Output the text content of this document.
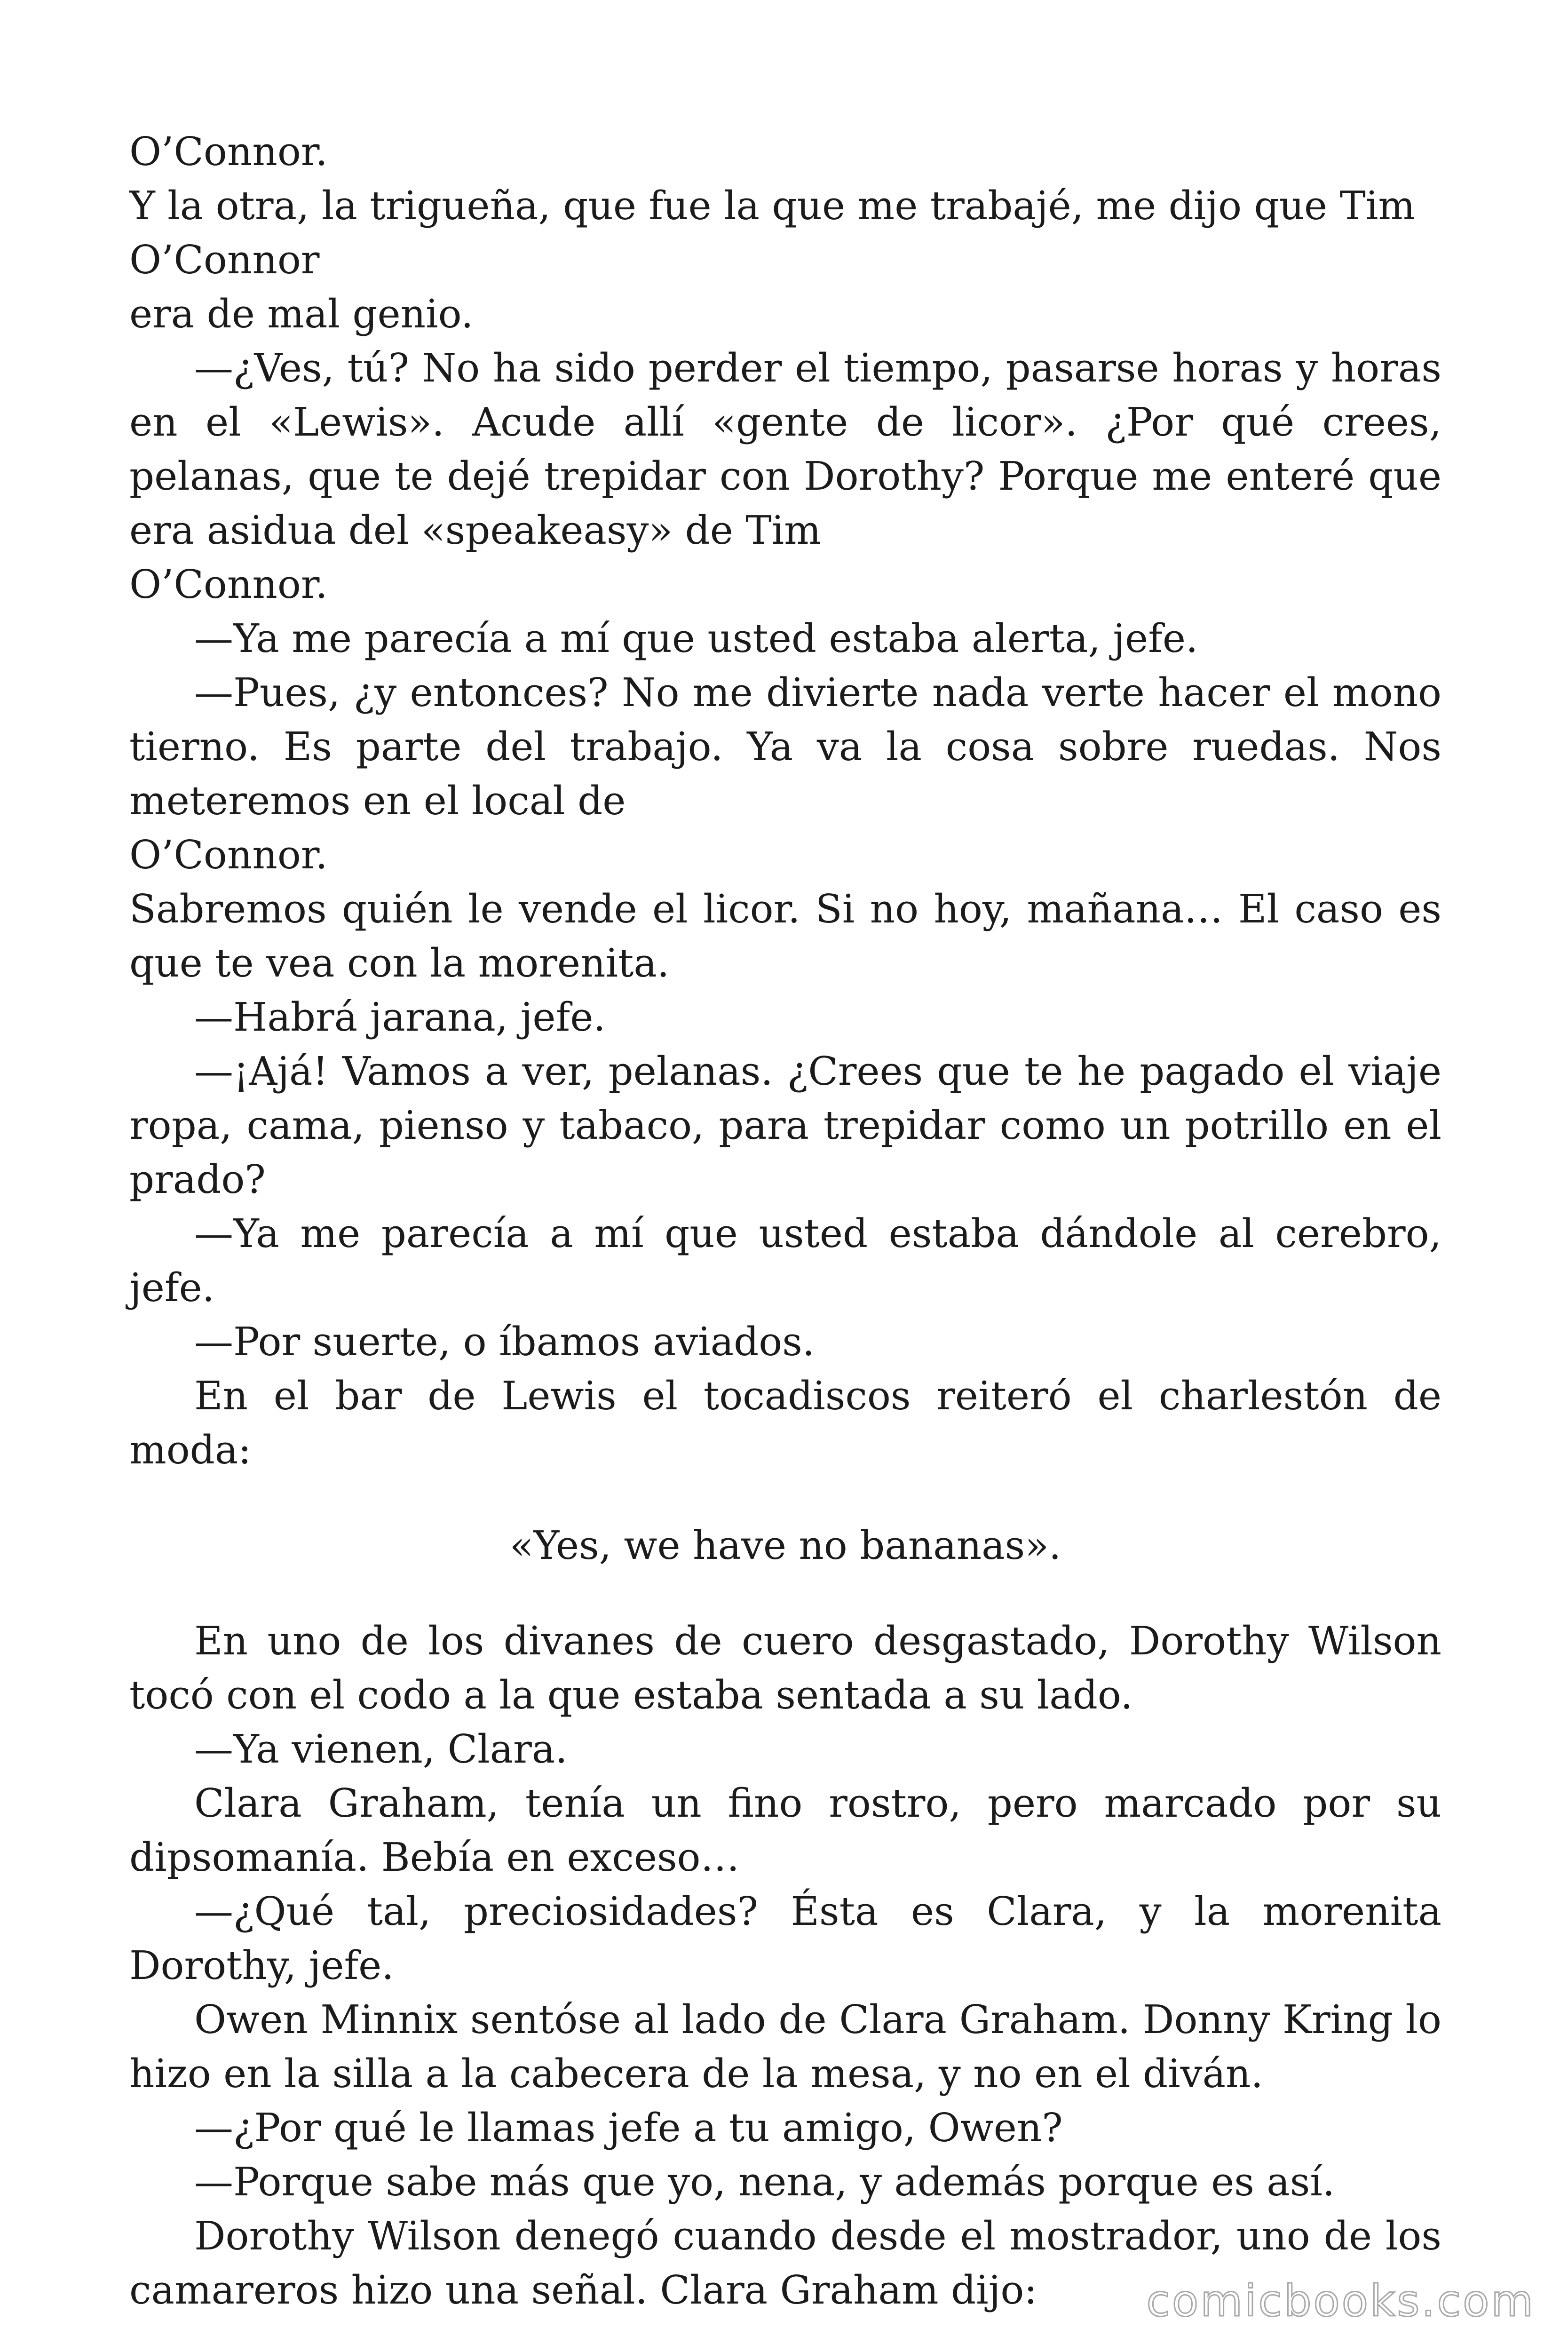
O’Connor.

Y la otra, la trigueña, que fue la que me trabajé, me dijo que Tim

O’Connor

era de mal genio.

—¿Ves, tú? No ha sido perder el tiempo, pasarse horas y horas en el «Lewis». Acude allí «gente de licor». ¿Por qué crees, pelanas, que te dejé trepidar con Dorothy? Porque me enteré que era asidua del «speakeasy» de Tim

O’Connor.

—Ya me parecía a mí que usted estaba alerta, jefe.

—Pues, ¿y entonces? No me divierte nada verte hacer el mono tierno. Es parte del trabajo. Ya va la cosa sobre ruedas. Nos meteremos en el local de

O’Connor.

Sabremos quién le vende el licor. Si no hoy, mañana… El caso es que te vea con la morenita.

—Habrá jarana, jefe.

—¡Ajá! Vamos a ver, pelanas. ¿Crees que te he pagado el viaje ropa, cama, pienso y tabaco, para trepidar como un potrillo en el prado?

—Ya me parecía a mí que usted estaba dándole al cerebro, jefe.

—Por suerte, o íbamos aviados.

En el bar de Lewis el tocadiscos reiteró el charlestón de moda:

«Yes, we have no bananas».

En uno de los divanes de cuero desgastado, Dorothy Wilson tocó con el codo a la que estaba sentada a su lado.

—Ya vienen, Clara.

Clara Graham, tenía un fino rostro, pero marcado por su dipsomanía. Bebía en exceso…

—¿Qué tal, preciosidades? Ésta es Clara, y la morenita Dorothy, jefe.

Owen Minnix sentóse al lado de Clara Graham. Donny Kring lo hizo en la silla a la cabecera de la mesa, y no en el diván.

—¿Por qué le llamas jefe a tu amigo, Owen?

—Porque sabe más que yo, nena, y además porque es así.

Dorothy Wilson denegó cuando desde el mostrador, uno de los camareros hizo una señal. Clara Graham dijo:	comicbooks.com
